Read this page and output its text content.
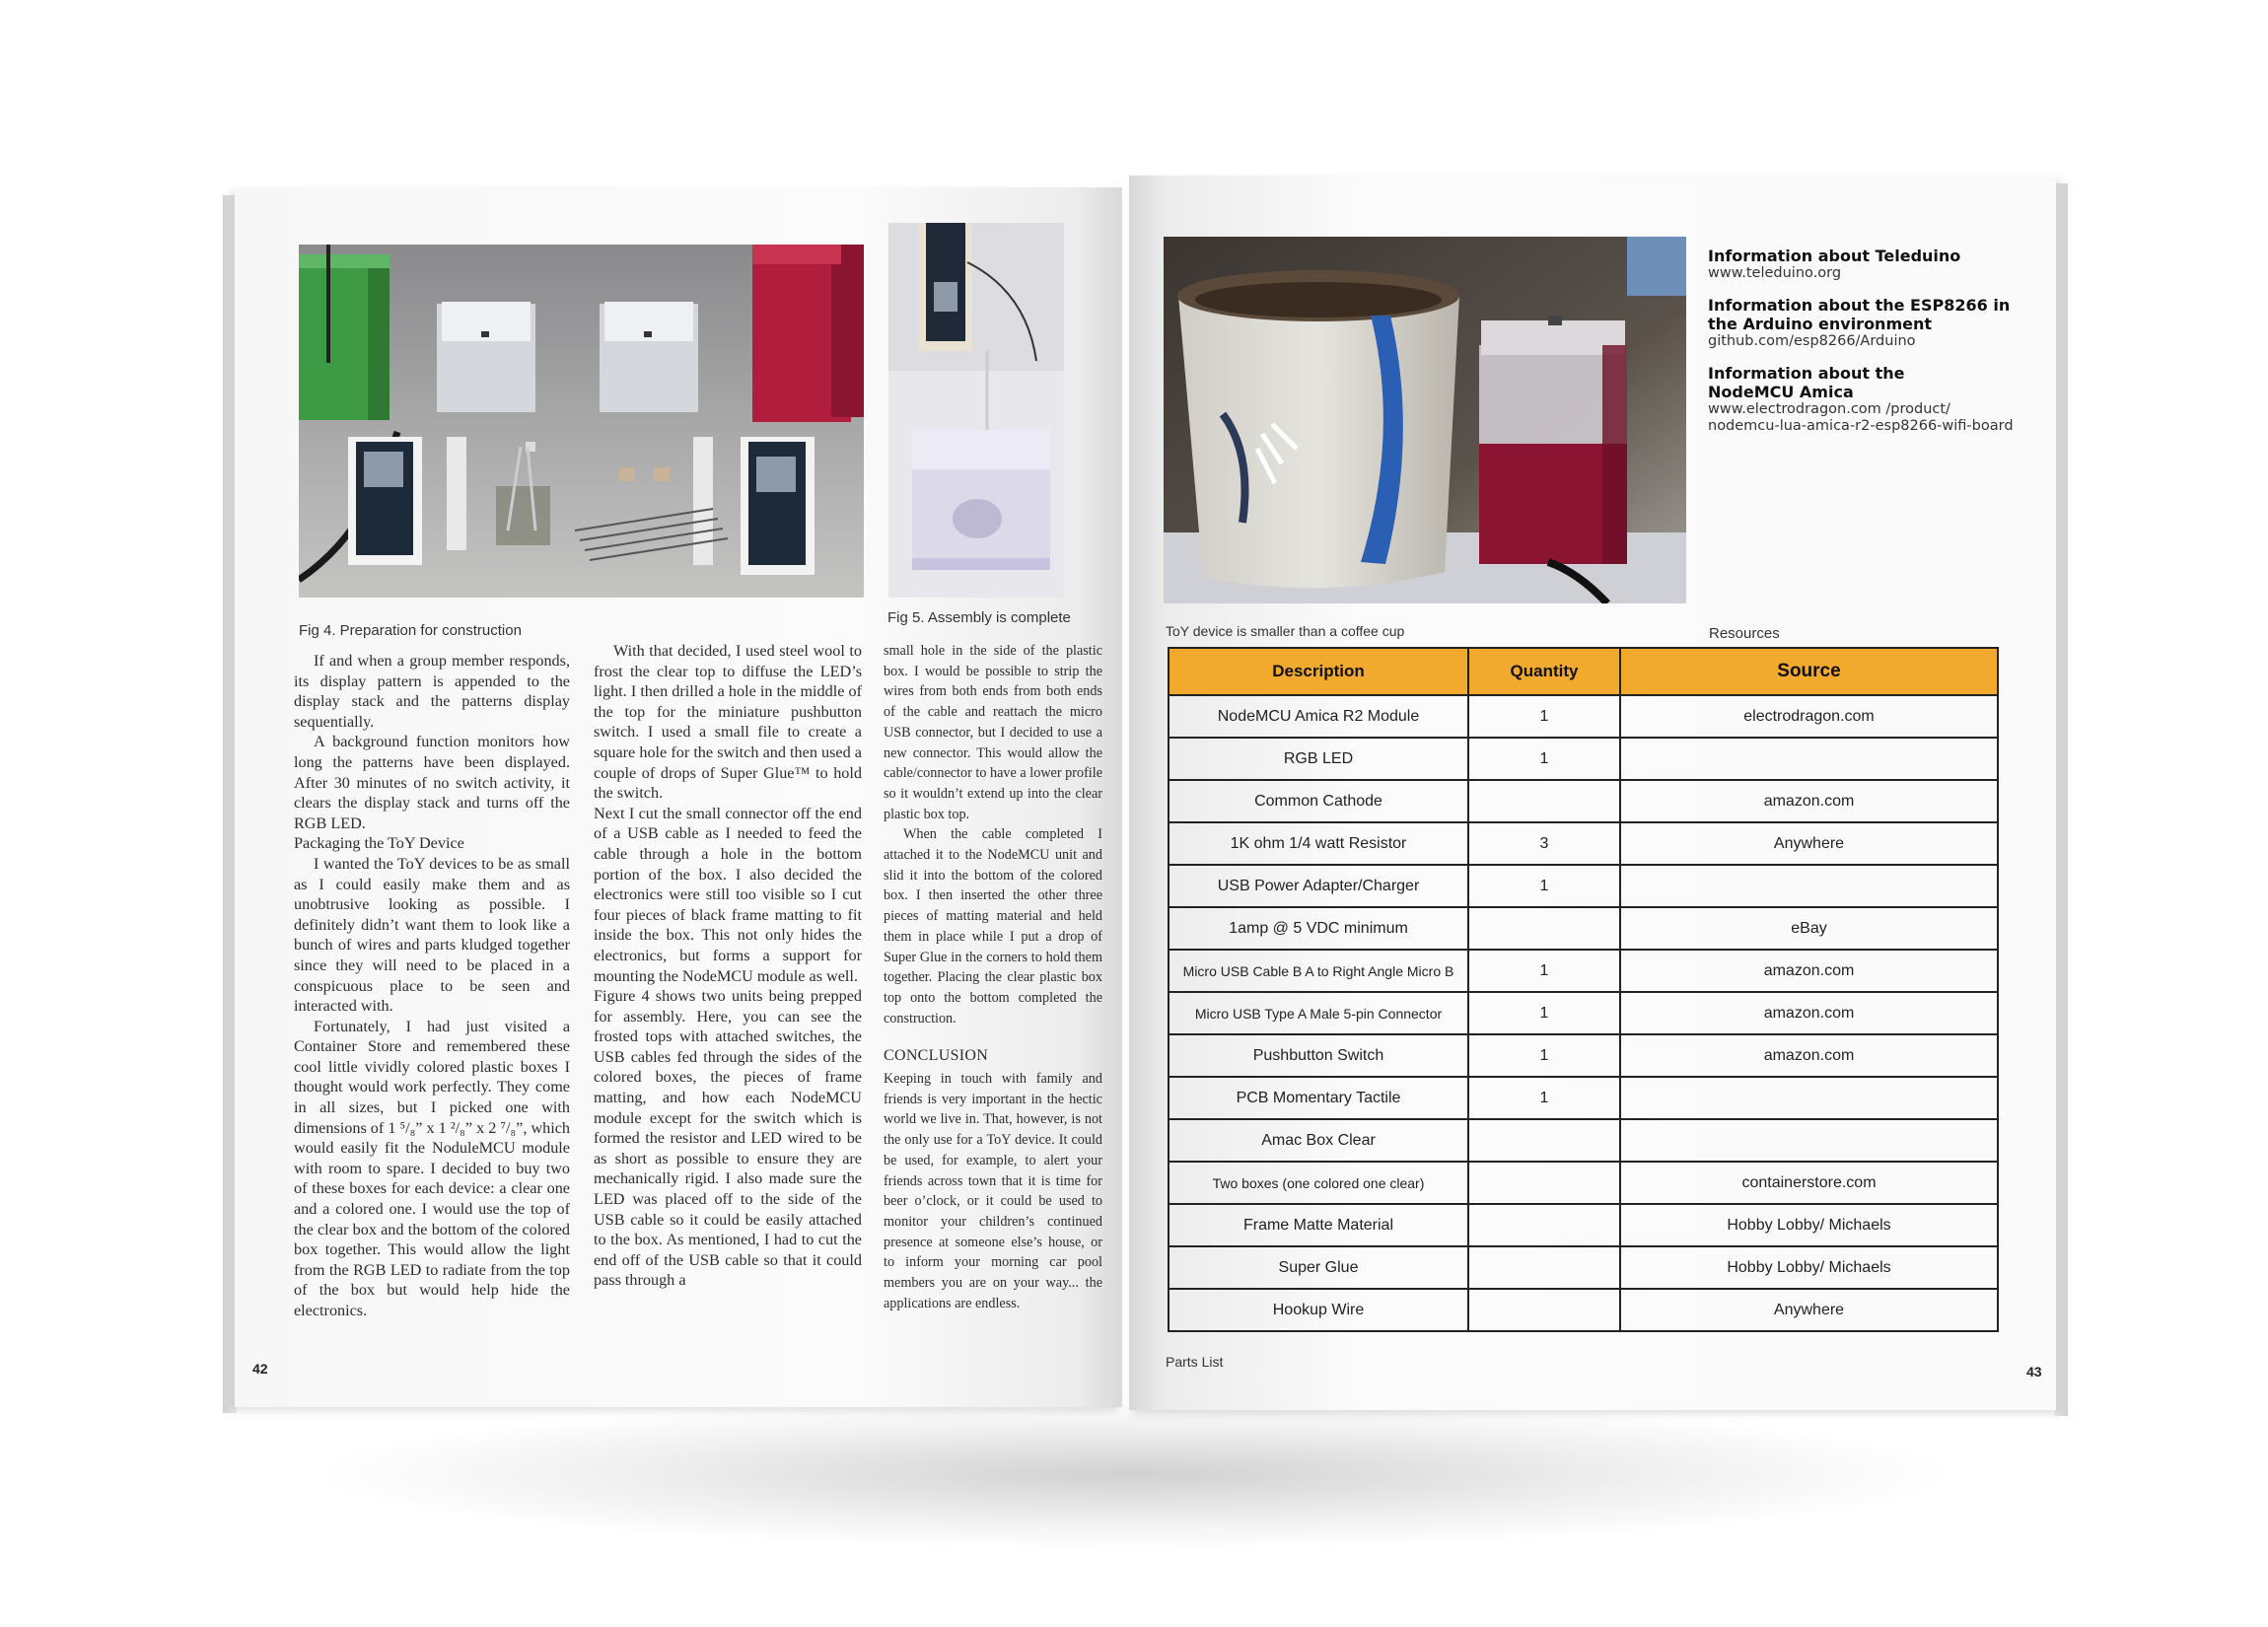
Fig 4. Preparation for construction
Fig 5. Assembly is complete

If and when a group member responds, its display pattern is appended to the display stack and the patterns display sequentially.

A background function monitors how long the patterns have been displayed. After 30 minutes of no switch activity, it clears the display stack and turns off the RGB LED.

Packaging the ToY Device

I wanted the ToY devices to be as small as I could easily make them and as unobtrusive looking as possible. I definitely didn’t want them to look like a bunch of wires and parts kludged together since they will need to be placed in a conspicuous place to be seen and interacted with.

Fortunately, I had just visited a Container Store and remembered these cool little vividly colored plastic boxes I thought would work perfectly. They come in all sizes, but I picked one with dimensions of 1 ⁵/₈” x 1 ²/₈” x 2 ⁷/₈”, which would easily fit the NoduleMCU module with room to spare. I decided to buy two of these boxes for each device: a clear one and a colored one. I would use the top of the clear box and the bottom of the colored box together. This would allow the light from the RGB LED to radiate from the top of the box but would help hide the electronics.

With that decided, I used steel wool to frost the clear top to diffuse the LED’s light. I then drilled a hole in the middle of the top for the miniature pushbutton switch. I used a small file to create a square hole for the switch and then used a couple of drops of Super Glue™ to hold the switch.

Next I cut the small connector off the end of a USB cable as I needed to feed the cable through a hole in the bottom portion of the box. I also decided the electronics were still too visible so I cut four pieces of black frame matting to fit inside the box. This not only hides the electronics, but forms a support for mounting the NodeMCU module as well.

Figure 4 shows two units being prepped for assembly. Here, you can see the frosted tops with attached switches, the USB cables fed through the sides of the colored boxes, the pieces of frame matting, and how each NodeMCU module except for the switch which is formed the resistor and LED wired to be as short as possible to ensure they are mechanically rigid. I also made sure the LED was placed off to the side of the USB cable so it could be easily attached to the box. As mentioned, I had to cut the end off of the USB cable so that it could pass through a

small hole in the side of the plastic box. I would be possible to strip the wires from both ends from both ends of the cable and reattach the micro USB connector, but I decided to use a new connector. This would allow the cable/connector to have a lower profile so it wouldn’t extend up into the clear plastic box top.

When the cable completed I attached it to the NodeMCU unit and slid it into the bottom of the colored box. I then inserted the other three pieces of matting material and held them in place while I put a drop of Super Glue in the corners to hold them together. Placing the clear plastic box top onto the bottom completed the construction.

CONCLUSION

Keeping in touch with family and friends is very important in the hectic world we live in. That, however, is not the only use for a ToY device. It could be used, for example, to alert your friends across town that it is time for beer o’clock, or it could be used to monitor your children’s continued presence at someone else’s house, or to inform your morning car pool members you are on your way... the applications are endless.

42
Information about Teleduino
www.teleduino.org
Information about the ESP8266 in the Arduino environment
github.com/esp8266/Arduino
Information about the NodeMCU Amica
www.electrodragon.com /product/ nodemcu-lua-amica-r2-esp8266-wifi-board
ToY device is smaller than a coffee cup	Resources
Description	Quantity	Source
NodeMCU Amica R2 Module	1	electrodragon.com
RGB LED	1	
Common Cathode		amazon.com
1K ohm 1/4 watt Resistor	3	Anywhere
USB Power Adapter/Charger	1	
1amp @ 5 VDC minimum		eBay
Micro USB Cable B A to Right Angle Micro B	1	amazon.com
Micro USB Type A Male 5-pin Connector	1	amazon.com
Pushbutton Switch	1	amazon.com
PCB Momentary Tactile	1	
Amac Box Clear		
Two boxes (one colored one clear)		containerstore.com
Frame Matte Material		Hobby Lobby/ Michaels
Super Glue		Hobby Lobby/ Michaels
Hookup Wire		Anywhere
Parts List
43
